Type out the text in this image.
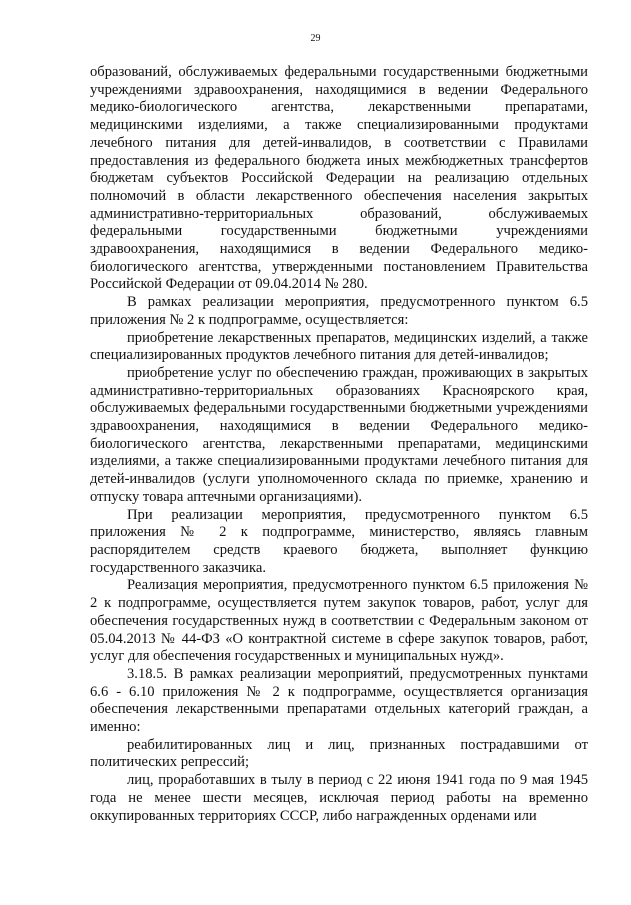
29

образований, обслуживаемых федеральными государственными бюджетными учреждениями здравоохранения, находящимися в ведении Федерального медико-биологического агентства, лекарственными препаратами, медицинскими изделиями, а также специализированными продуктами лечебного питания для детей-инвалидов, в соответствии с Правилами предоставления из федерального бюджета иных межбюджетных трансфертов бюджетам субъектов Российской Федерации на реализацию отдельных полномочий в области лекарственного обеспечения населения закрытых административно-территориальных образований, обслуживаемых федеральными государственными бюджетными учреждениями здравоохранения, находящимися в ведении Федерального медико-биологического агентства, утвержденными постановлением Правительства Российской Федерации от 09.04.2014 № 280.

В рамках реализации мероприятия, предусмотренного пунктом 6.5 приложения № 2 к подпрограмме, осуществляется:

приобретение лекарственных препаратов, медицинских изделий, а также специализированных продуктов лечебного питания для детей-инвалидов;

приобретение услуг по обеспечению граждан, проживающих в закрытых административно-территориальных образованиях Красноярского края, обслуживаемых федеральными государственными бюджетными учреждениями здравоохранения, находящимися в ведении Федерального медико-биологического агентства, лекарственными препаратами, медицинскими изделиями, а также специализированными продуктами лечебного питания для детей-инвалидов (услуги уполномоченного склада по приемке, хранению и отпуску товара аптечными организациями).

При реализации мероприятия, предусмотренного пунктом 6.5 приложения № 2 к подпрограмме, министерство, являясь главным распорядителем средств краевого бюджета, выполняет функцию государственного заказчика.

Реализация мероприятия, предусмотренного пунктом 6.5 приложения № 2 к подпрограмме, осуществляется путем закупок товаров, работ, услуг для обеспечения государственных нужд в соответствии с Федеральным законом от 05.04.2013 № 44-ФЗ «О контрактной системе в сфере закупок товаров, работ, услуг для обеспечения государственных и муниципальных нужд».

3.18.5. В рамках реализации мероприятий, предусмотренных пунктами 6.6 - 6.10 приложения № 2 к подпрограмме, осуществляется организация обеспечения лекарственными препаратами отдельных категорий граждан, а именно:

реабилитированных лиц и лиц, признанных пострадавшими от политических репрессий;

лиц, проработавших в тылу в период с 22 июня 1941 года по 9 мая 1945 года не менее шести месяцев, исключая период работы на временно оккупированных территориях СССР, либо награжденных орденами или
